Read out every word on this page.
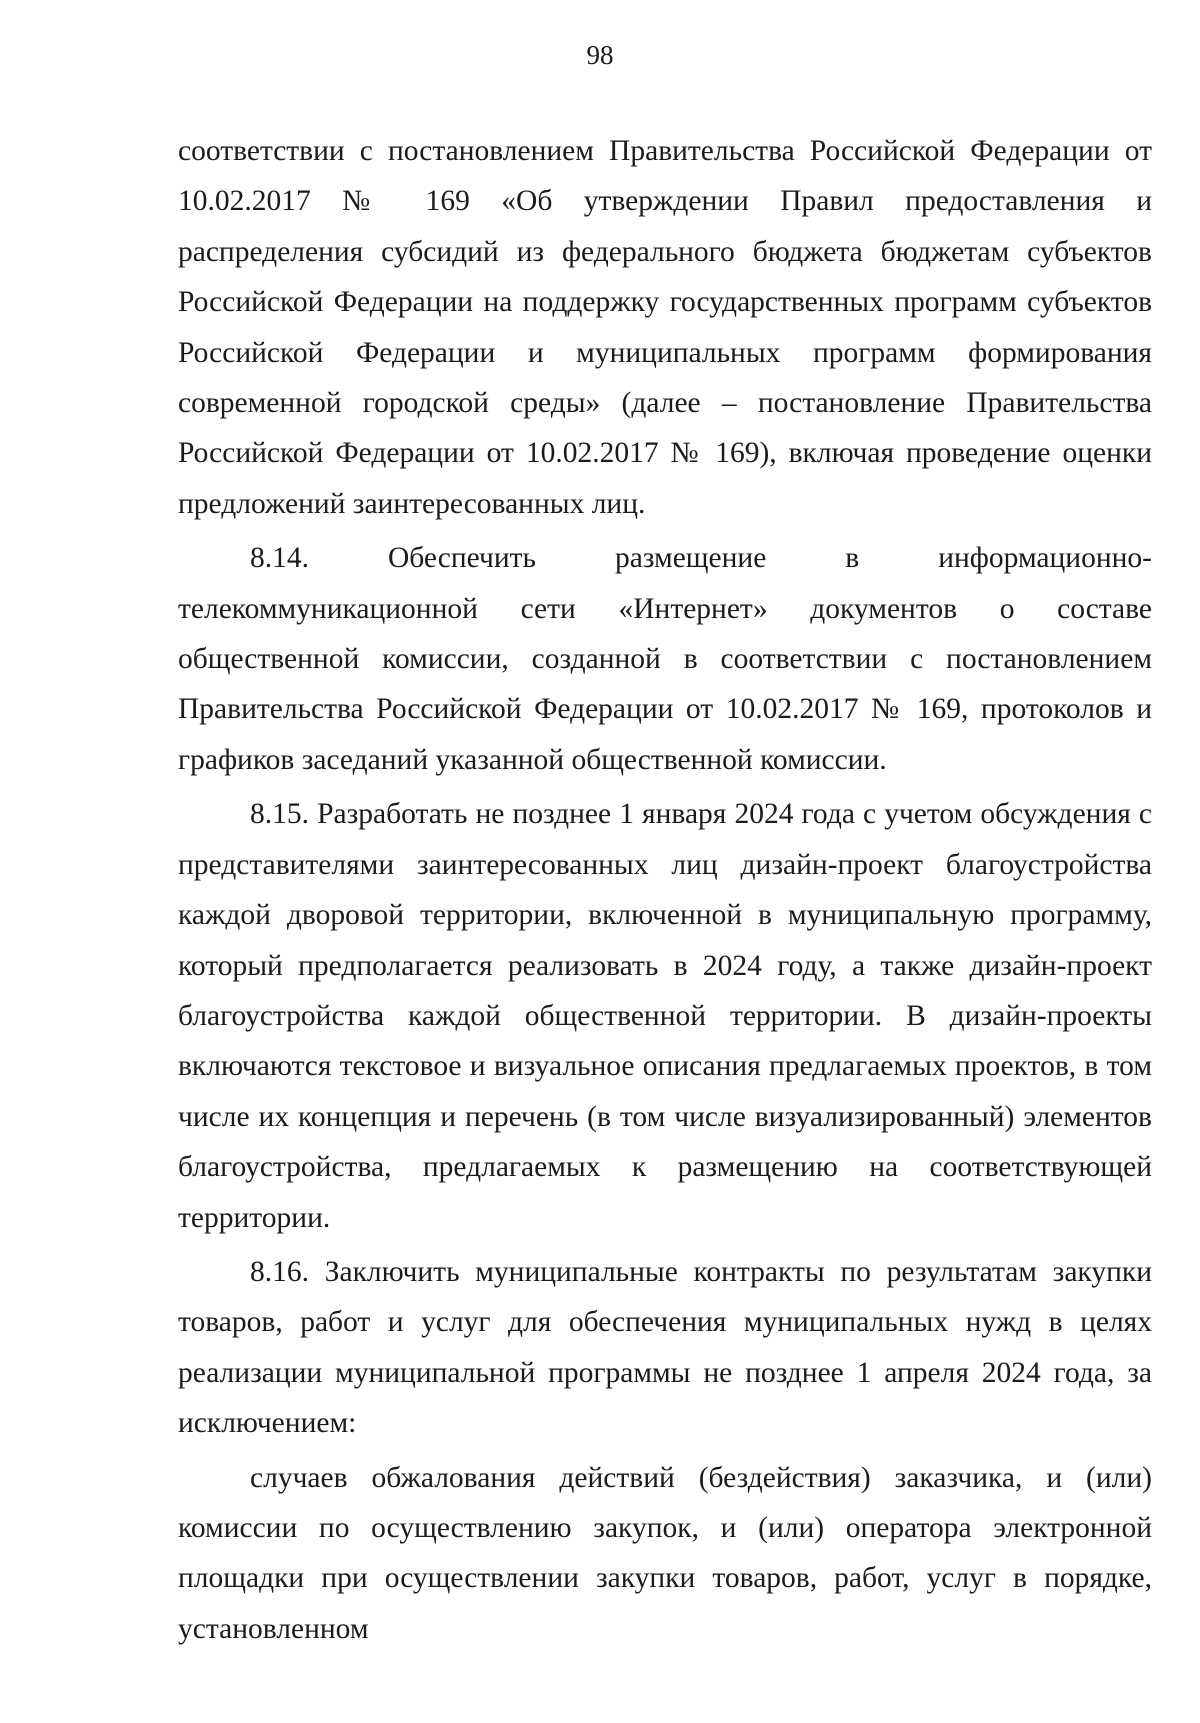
98

соответствии с постановлением Правительства Российской Федерации от 10.02.2017 № 169 «Об утверждении Правил предоставления и распределения субсидий из федерального бюджета бюджетам субъектов Российской Федерации на поддержку государственных программ субъектов Российской Федерации и муниципальных программ формирования современной городской среды» (далее – постановление Правительства Российской Федерации от 10.02.2017 № 169), включая проведение оценки предложений заинтересованных лиц.

8.14. Обеспечить размещение в информационно-телекоммуникационной сети «Интернет» документов о составе общественной комиссии, созданной в соответствии с постановлением Правительства Российской Федерации от 10.02.2017 № 169, протоколов и графиков заседаний указанной общественной комиссии.

8.15. Разработать не позднее 1 января 2024 года с учетом обсуждения с представителями заинтересованных лиц дизайн-проект благоустройства каждой дворовой территории, включенной в муниципальную программу, который предполагается реализовать в 2024 году, а также дизайн-проект благоустройства каждой общественной территории. В дизайн-проекты включаются текстовое и визуальное описания предлагаемых проектов, в том числе их концепция и перечень (в том числе визуализированный) элементов благоустройства, предлагаемых к размещению на соответствующей территории.

8.16. Заключить муниципальные контракты по результатам закупки товаров, работ и услуг для обеспечения муниципальных нужд в целях реализации муниципальной программы не позднее 1 апреля 2024 года, за исключением:

случаев обжалования действий (бездействия) заказчика, и (или) комиссии по осуществлению закупок, и (или) оператора электронной площадки при осуществлении закупки товаров, работ, услуг в порядке, установленном
